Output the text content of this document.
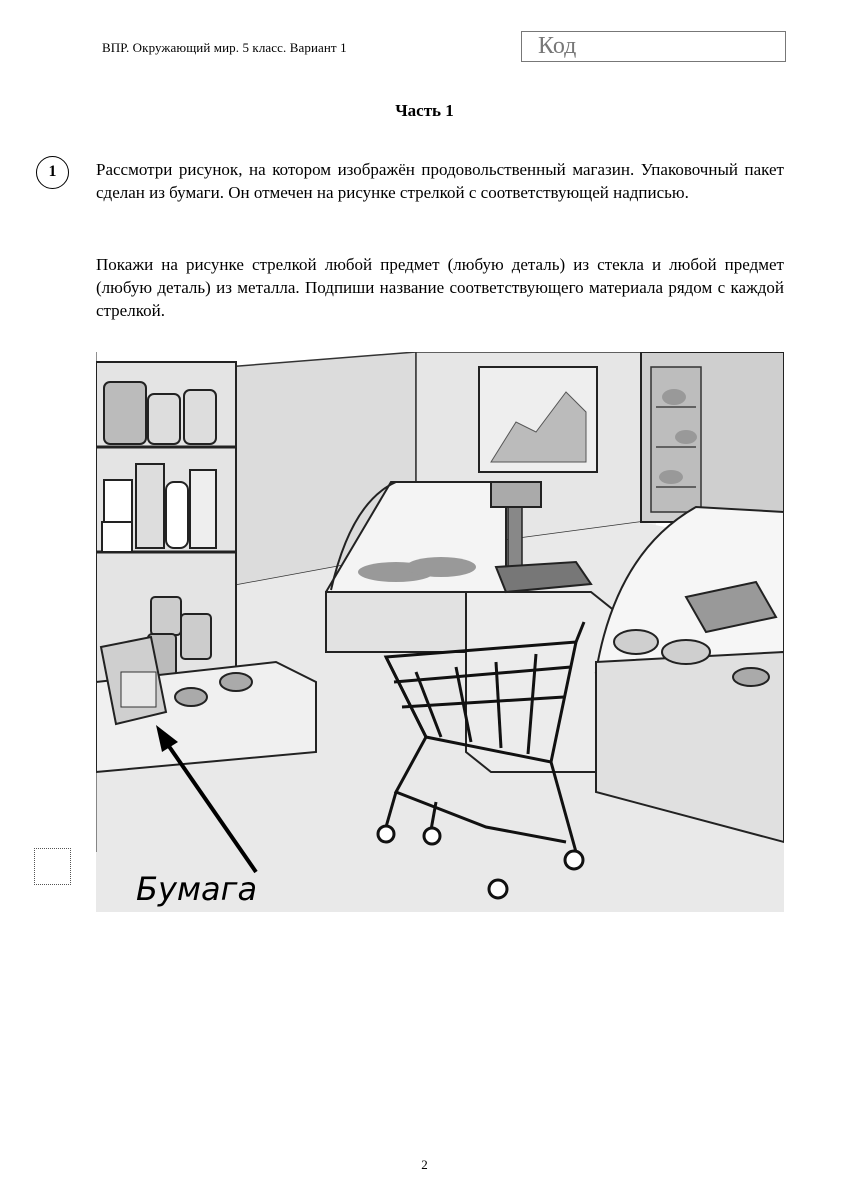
ВПР. Окружающий мир. 5 класс. Вариант 1	Код
Часть 1
1	Рассмотри рисунок, на котором изображён продовольственный магазин. Упаковочный пакет сделан из бумаги. Он отмечен на рисунке стрелкой с соответствующей надписью.
Покажи на рисунке стрелкой любой предмет (любую деталь) из стекла и любой предмет (любую деталь) из металла. Подпиши название соответствующего материала рядом с каждой стрелкой.
Бумага
2
